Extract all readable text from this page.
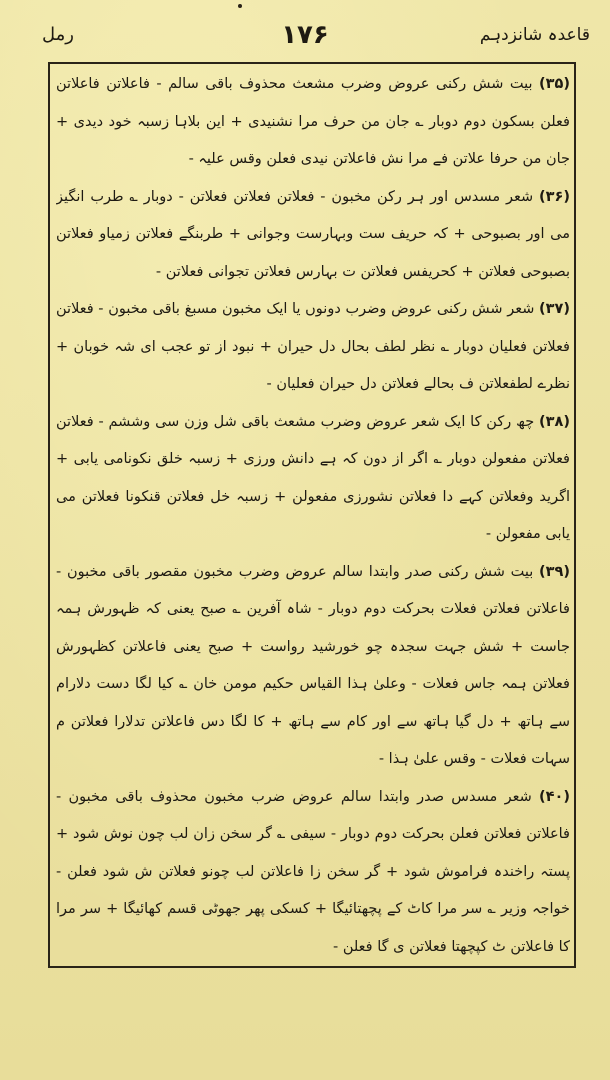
قاعدہ شانزدہم
۱۷۶
رمل

(۳۵) بیت شش رکنی عروض وضرب مشعث محذوف باقی سالم - فاعلاتن فاعلاتن فعلن بسکون دوم دوبار ؎ جان من حرف مرا نشنیدی + این بلاہا زسبہ خود دیدی + جان من حرفا علاتن فے مرا نش فاعلاتن نیدی فعلن وقس علیہ -

(۳۶) شعر مسدس اور ہر رکن مخبون - فعلاتن فعلاتن فعلاتن - دوبار ؎ طرب انگیز می اور بصبوحی + کہ حریف ست وبہارست وجوانی + طربنگے فعلاتن زمیاو فعلاتن بصبوحی فعلاتن + کحریفس فعلاتن ت بہارس فعلاتن تجوانی فعلاتن -

(۳۷) شعر شش رکنی عروض وضرب دونوں یا ایک مخبون مسبغ باقی مخبون - فعلاتن فعلاتن فعلیان دوبار ؎ نظر لطف بحال دل حیران + نبود از تو عجب ای شہ خوبان + نظرے لطفعلاتن ف بحالے فعلاتن دل حیران فعلیان -

(۳۸) چھ رکن کا ایک شعر عروض وضرب مشعث باقی شل وزن سی وششم - فعلاتن فعلاتن مفعولن دوبار ؎ اگر از دون کہ ہے دانش ورزی + زسبہ خلق نکونامی یابی + اگرید وفعلاتن کہے دا فعلاتن نشورزی مفعولن + زسبہ خل فعلاتن قنکونا فعلاتن می یابی مفعولن -

(۳۹) بیت شش رکنی صدر وابتدا سالم عروض وضرب مخبون مقصور باقی مخبون - فاعلاتن فعلاتن فعلات بحرکت دوم دوبار - شاہ آفرین ؎ صبح یعنی کہ ظہورش ہمہ جاست + شش جہت سجدہ چو خورشید رواست + صبح یعنی فاعلاتن کظہورش فعلاتن ہمہ جاس فعلات - وعلیٰ ہذا القیاس حکیم مومن خان ؎ کیا لگا دست دلارام سے ہاتھ + دل گیا ہاتھ سے اور کام سے ہاتھ + کا لگا دس فاعلاتن تدلارا فعلاتن م سہات فعلات - وقس علیٰ ہذا -

(۴۰) شعر مسدس صدر وابتدا سالم عروض ضرب مخبون محذوف باقی مخبون - فاعلاتن فعلاتن فعلن بحرکت دوم دوبار - سیفی ؎ گر سخن زان لب چون نوش شود + پستہ راخندہ فراموش شود + گر سخن زا فاعلاتن لب چونو فعلاتن ش شود فعلن - خواجہ وزیر ؎ سر مرا کاٹ کے پچھتائیگا + کسکی پھر جھوٹی قسم کھائیگا + سر مرا کا فاعلاتن ٹ کپچھتا فعلاتن ی گا فعلن -
